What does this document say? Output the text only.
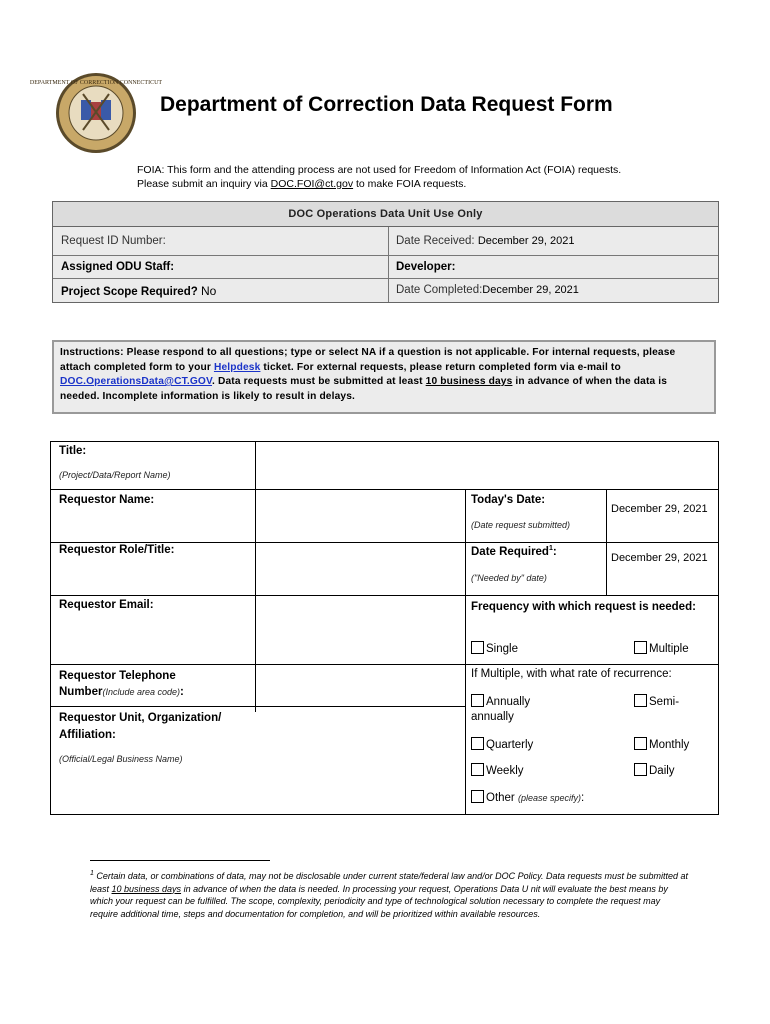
DEPARTMENT OF CORRECTION CONNECTICUT
Department of Correction Data Request Form
FOIA: This form and the attending process are not used for Freedom of Information Act (FOIA) requests.
Please submit an inquiry via DOC.FOI@ct.gov to make FOIA requests.
DOC Operations Data Unit Use Only
Request ID Number:	Date Received: December 29, 2021
Assigned ODU Staff:	Developer:
Project Scope Required? No	Date Completed:December 29, 2021
Instructions: Please respond to all questions; type or select NA if a question is not applicable. For internal requests, please attach completed form to your Helpdesk ticket. For external requests, please return completed form via e-mail to DOC.OperationsData@CT.GOV. Data requests must be submitted at least 10 business days in advance of when the data is needed. Incomplete information is likely to result in delays.
Title:
(Project/Data/Report Name)
Requestor Name:	Today's Date:
(Date request submitted)
December 29, 2021
Requestor Role/Title:	Date Required$^1$:
("Needed by" date)
December 29, 2021
Requestor Email:	Frequency with which request is needed:
Single	Multiple
Requestor Telephone
Number(Include area code):
If Multiple, with what rate of recurrence:
Annually	Semi-
annually
Requestor Unit, Organization/
Affiliation:
(Official/Legal Business Name)
Quarterly	Monthly
Weekly	Daily
Other (please specify):
$^1$ Certain data, or combinations of data, may not be disclosable under current state/federal law and/or DOC Policy. Data requests must be submitted at least 10 business days in advance of when the data is needed. In processing your request, Operations Data U nit will evaluate the best means by which your request can be fulfilled. The scope, complexity, periodicity and type of technological solution necessary to complete the request may require additional time, steps and documentation for completion, and will be prioritized within available resources.
